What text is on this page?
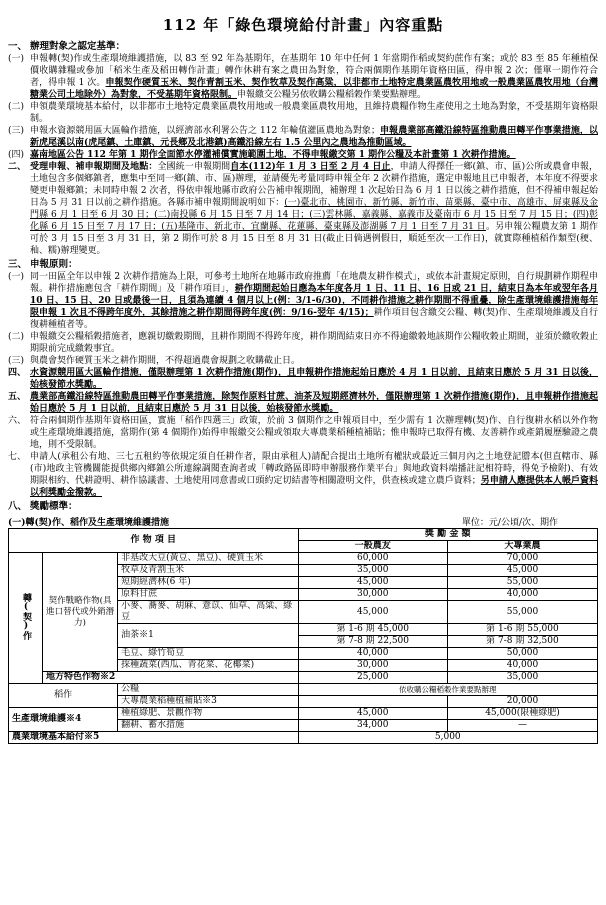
112 年「綠色環境給付計畫」內容重點
一、 辦理對象之認定基準：
(一) 申報轉(契)作或生產環境維護措施，以 83 至 92 年為基期年，在基期年 10 年中任何 1 年當期作稻或契約蔗作有案；或於 83 至 85 年種植保價收購雜糧或參加「稻米生產及稻田轉作計畫」轉作休耕有案之農田為對象，符合兩個期作基期年資格田區，得申報 2 次；僅單一期作符合者，得申報 1 次。申報契作硬質玉米、契作青割玉米、契作牧草及契作高粱，以非都市土地特定農業區農牧用地或一般農業區農牧用地（台灣糖業公司土地除外）為對象，不受基期年資格限制。申報繳交公糧另依收購公糧稻穀作業要點辦理。
(二) 申領農業環境基本給付，以非都市土地特定農業區農牧用地或一般農業區農牧用地，且維持農糧作物生產使用之土地為對象，不受基期年資格限制。
(三) 申報水資源競用區大區輪作措施，以經濟部水利署公告之 112 年輪值灌區農地為對象；申報農業部高鐵沿線特區推動農田轉平作事業措施，以新虎尾溪以南(虎尾鎮、土庫鎮、元長鄉及北港鎮)高鐵沿線左右 1.5 公里內之農地為推動區域。
(四) 嘉南地區公告 112 年第 1 期作全面節水停灌補償實施範圍土地，不得申報繳交第 1 期作公糧及本計畫第 1 次耕作措施。
二、 受理申報、補申報期間及地點：全國統一申報期間自本(112)年 1 月 3 日至 2 月 4 日止，申請人得擇任一鄉(鎮、市、區)公所或農會申報，土地包含多個鄉鎮者，應集中至同一鄉(鎮、市、區)辦理，並請優先考量同時申報全年 2 次耕作措施，選定申報地且已申報者，本年度不得要求變更申報鄉鎮；未同時申報 2 次者，得依申報地縣市政府公告補申報期間，補辦理 1 次起始日為 6 月 1 日以後之耕作措施，但不得補申報起始日為 5 月 31 日以前之耕作措施。各縣市補申報期間說明如下：(一)臺北市、桃園市、新竹縣、新竹市、苗栗縣、臺中市、高雄市、屏東縣及金門縣 6 月 1 日至 6 月 30 日；(二)南投縣 6 月 15 日至 7 月 14 日；(三)雲林縣、嘉義縣、嘉義市及臺南市 6 月 15 日至 7 月 15 日；(四)彰化縣 6 月 15 日至 7 月 17 日；(五)基隆市、新北市、宜蘭縣、花蓮縣、臺東縣及澎湖縣 7 月 1 日至 7 月 31 日。另申報公糧農友第 1 期作可於 3 月 15 日至 3 月 31 日，第 2 期作可於 8 月 15 日至 8 月 31 日(截止日倘遇例假日，順延至次一工作日)，就實際種植稻作類型(稉、秈、糯)辦理變更。
三、 申報原則：
(一) 同一田區全年以申報 2 次耕作措施為上限，可參考土地所在地縣市政府推薦「在地農友耕作模式」，或依本計畫規定原則，自行規劃耕作期程申報。耕作措施應包含「耕作期間」及「耕作項目」，耕作期間起始日應為本年度各月 1 日、11 日、16 日或 21 日，結束日為本年或翌年各月 10 日、15 日、20 日或最後一日，且須為連續 4 個月以上(例：3/1-6/30)，不同耕作措施之耕作期間不得重疊，除生產環境維護措施每年限申報 1 次且不得跨年度外，其餘措施之耕作期間得跨年度(例：9/16-翌年 4/15)；耕作項目包含繳交公糧、轉(契)作、生產環境維護及自行復耕種植者等。
(二) 申報繳交公糧稻穀措施者，應親切繳穀期間，且耕作期間不得跨年度，耕作期間結束日亦不得逾繳穀地該期作公糧收穀止期間，並須於繳收穀止期限前完成繳穀事宜。
(三) 與農會契作硬質玉米之耕作期間，不得超過農會規劃之收購截止日。
四、 水資源競用區大區輪作措施，僅限辦理第 1 次耕作措施(期作)，且申報耕作措施起始日應於 4 月 1 日以前，且結束日應於 5 月 31 日以後，始核發節水獎勵。
五、 農業部高鐵沿線特區推動農田轉平作事業措施，除契作原料甘蔗、油茶及短期經濟林外，僅限辦理第 1 次耕作措施(期作)，且申報耕作措施起始日應於 5 月 1 日以前，且結束日應於 5 月 31 日以後，始核發節水獎勵。
六、 符合兩個期作基期年資格田區，實施「稻作四選三」政策，於前 3 個期作之申報項目中，至少需有 1 次辦理轉(契)作、自行復耕水稻以外作物或生產環境維護措施，當期作(第 4 個期作)始得申報繳交公糧或領取大專農業稻種植補貼；惟申報時已取得有機、友善耕作或產銷履歷驗證之農地，則不受限制。
七、 申請人(承租公有地、三七五租約等依規定須自任耕作者，限由承租人)請配合提出土地所有權狀或最近三個月內之土地登記謄本(但直轄市、縣(市)地政主管機關能提供鄉內鄉鎮公所連線調閱查詢者或「轉政路區即時申辦服務作業平台」與地政資料端播註記相符時，得免予檢附)、有效期限相約、代耕證明、耕作協議書、土地使用同意書或口頭約定切結書等相關證明文件，供查核或建立農戶資料；另申請人應提供本人帳戶資料以利獎勵金撥款。
八、 獎勵標準：
(一)轉(契)作、稻作及生產環境維護措施	單位：元/公頃/次、期作
作 物 項 目			獎 勵 金 額	
			一般農友	大專業農
轉(契)作	契作戰略作物(具進口替代或外銷潛力)	非基改大豆(黃豆、黑豆)、硬質玉米	60,000	70,000
		牧草及青割玉米	35,000	45,000
		短期經濟林(6 年)	45,000	55,000
		原料甘蔗	30,000	40,000
		小麥、蕎麥、胡麻、薏苡、仙草、高粱、綠豆	45,000	55,000
		油茶※1	第 1-6 期 45,000	第 1-6 期 55,000
			第 7-8 期 22,500	第 7-8 期 32,500
		毛豆、綠竹筍豆	40,000	50,000
		採種蔬菜(西瓜、青花菜、花椰菜)	30,000	40,000
	地方特色作物※2		25,000	35,000
稻作		公糧	依收購公糧稻穀作業要點辦理	
		大專農業稻種植補貼※3		20,000
生產環境維護※4		種植綠肥、景觀作物	45,000	45,000(限種綠肥)
		翻耕、蓄水措施	34,000	—
農業環境基本給付※5			5,000	
